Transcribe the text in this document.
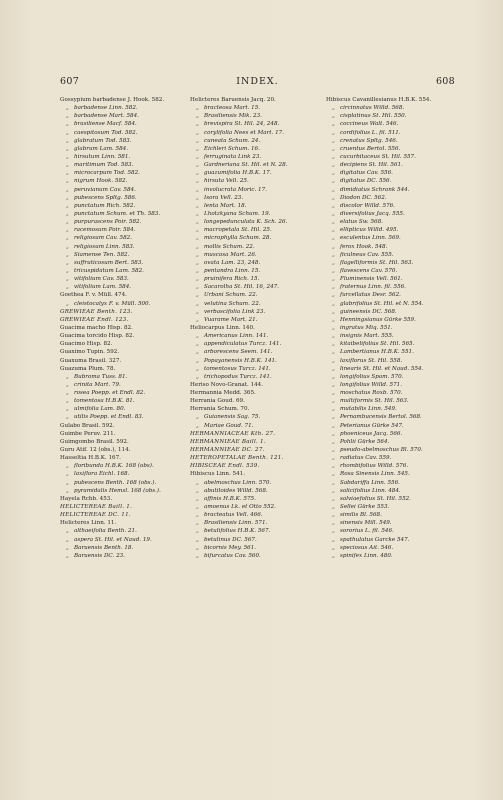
607	INDEX.	608
Gossypium barbadense J. Hook. 582.
„ barbadense Linn. 582.
„ barbadense Mart. 584.
„ brasiliense Macf. 584.
„ caespitosum Tod. 582.
„ glabratum Tod. 583.
„ glabrum Lam. 584.
„ hirsutum Linn. 581.
„ maritimum Tod. 583.
„ microcarpum Tod. 582.
„ nigrum Hook. 582.
„ peruvianum Cav. 584.
„ pubescens Spltg. 586.
„ punctatum Rich. 582.
„ punctatum Schum. et Th. 583.
„ purpurascens Poir. 582.
„ racemosum Poir. 584.
„ religiosum Cav. 582.
„ religiosum Linn. 583.
„ Siamense Ten. 582.
„ suffruticosum Bert. 583.
„ tricuspidatum Lam. 582.
„ vitifolium Cav. 583.
„ vitifolium Lam. 584.
Goethea F. v. Müll. 474.
„ cleistocalyx F. v. Müll. 500.
GREWIEAE Benth. 123.
GREWIEAE Endl. 123.
Guacima macho Hisp. 82.
Guacima torcido Hisp. 82.
Guacimo Hisp. 82.
Guaximo Tupin. 592.
Guaxuma Brasil. 327.
Guazuma Plum. 78.
„ Bubroma Tuss. 81.
„ crinita Mart. 79.
„ rosea Poepp. et Endl. 82.
„ tomentosa H.B.K. 81.
„ ulmifolia Lam. 80.
„ utilis Poepp. et Endl. 83.
Gulabo Brasil. 592.
Guimbe Peruv. 211.
Guimgombo Brasil. 592.
Guru Atif. 12 (obs.), 114.
Hasseltia H.B.K. 167.
„ floribunda H.B.K. 168 (obs).
„ laxiflora Eichl. 168.
„ pubescens Benth. 168 (obs.).
„ pyramidalis Hemsl. 168 (obs.).
Hayela Rchb. 453.
HELICTEREAE Baill. 1.
HELICTEREAE DC. 11.
Helicteres Linn. 11.
„ althaeifolia Benth. 21.
„ aspera St. Hil. et Naud. 19.
„ Baruensis Benth. 18.
„ Baruensis DC. 23.
Helicteres Baruensis Jacq. 20.
„ bracteosa Mart. 15.
„ Brasiliensis Mik. 23.
„ brevispira St. Hil. 24, 248.
„ corylifolia Nees et Mart. 17.
„ cuneata Schum. 24.
„ Eichleri Schum. 16.
„ ferruginata Link 23.
„ Gardneriana St. Hil. et N. 28.
„ guazumifolia H.B.K. 17.
„ hirsuta Vell. 25.
„ involucrata Moric. 17.
„ Isora Vell. 23.
„ lenta Mart. 18.
„ Lhotzkyana Schum. 19.
„ longepedunculata K. Sch. 26.
„ macropetala St. Hil. 25.
„ microphylla Schum. 28.
„ mollis Schum. 22.
„ muscosa Mart. 26.
„ ovata Lam. 23, 248.
„ pentandra Linn. 15.
„ pruinifera Rich. 15.
„ Sacarolha St. Hil. 16, 247.
„ Urbani Schum. 22.
„ velutina Schum. 22.
„ verbascifolia Link 23.
„ Vuarame Mart. 21.
Heliocarpus Linn. 140.
„ Americanus Linn. 141.
„ appendiculatus Turcz. 141.
„ arborescens Seem. 141.
„ Popayanensis H.B.K. 141.
„ tomentosus Turcz. 141.
„ trichopodus Turcz. 141.
Heriso Novo-Granat. 144.
Hermannia Medd. 365.
Herrania Goud. 69.
Herrania Schum. 70.
„ Guianensis Sag. 75.
„ Mariae Goud. 71.
HERMANNIACEAE Kth. 27.
HERMANNIEAE Baill. 1.
HERMANNIEAE DC. 27.
HETEROPETALAE Benth. 121.
HIBISCEAE Endl. 539.
Hibiscus Linn. 541.
„ abelmoschus Linn. 570.
„ abutiloides Willd. 568.
„ affinis H.B.K. 575.
„ amoenus Lk. et Otto 552.
„ bracteatus Vell. 466.
„ Brasiliensis Linn. 571.
„ betulifolius H.B.K. 567.
„ betulinus DC. 567.
„ bicornis Mey. 561.
„ bifurcatus Cav. 560.
Hibiscus Cavanillesianus H.B.K. 554.
„ circinnatus Willd. 568.
„ cisplatinus St. Hil. 550.
„ coccineus Walt. 546.
„ cordifolius L. fil. 511.
„ crenatus Spltg. 546.
„ cruentus Bertol. 556.
„ cucurbitaceus St. Hil. 557.
„ decipiens St. Hil. 561.
„ digitatus Cav. 556.
„ digitatus DC. 556.
„ dimidiatus Schrank 544.
„ Diodon DC. 562.
„ discolor Willd. 576.
„ diversifolius Jacq. 555.
„ elatus Sw. 568.
„ ellipticus Willd. 495.
„ esculentus Linn. 569.
„ ferox Hook. 548.
„ ficulneus Cav. 555.
„ flagelliformis St. Hil. 563.
„ flavescens Cav. 570.
„ Fluminensis Vell. 561.
„ fraternus Linn. fil. 556.
„ furcellatus Desr. 562.
„ glabrifolius St. Hil. et N. 554.
„ guineensis DC. 568.
„ Henningsianus Gürke 559.
„ ingratus Miq. 551.
„ insignis Mart. 555.
„ kitaibelifolius St. Hil. 565.
„ Lambertianus H.B.K. 551.
„ laxiflorus St. Hil. 558.
„ linearis St. Hil. et Naud. 554.
„ longifolius Spam. 570.
„ longifolius Willd. 571.
„ moschatus Roxb. 570.
„ multiformis St. Hil. 563.
„ mutabilis Linn. 549.
„ Pernambucensis Bertol. 568.
„ Peterianus Gürke 547.
„ phoeniceus Jacq. 566.
„ Pohlii Gürke 564.
„ pseudo-abelmoschus Bl. 570.
„ radiatus Cav. 559.
„ rhombifolius Willd. 576.
„ Rosa Sinensis Linn. 545.
„ Sabdariffa Linn. 556.
„ salicifolius Linn. 484.
„ salviaefolius St. Hil. 552.
„ Sellei Gürke 553.
„ similis Bl. 568.
„ sinensis Mill. 549.
„ sororius L. fil. 546.
„ spathulatus Garcke 547.
„ speciosus Ait. 546.
„ spinifex Linn. 480.
